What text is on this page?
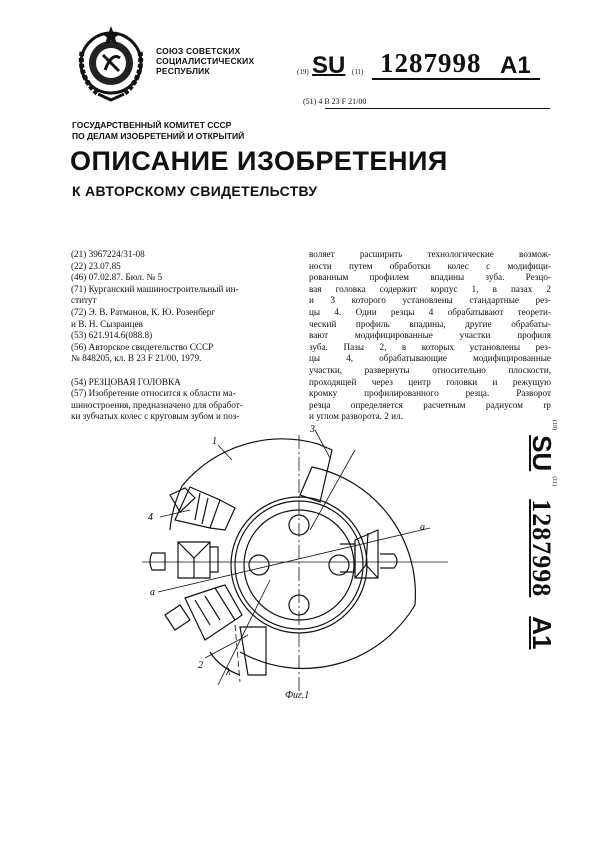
СОЮЗ СОВЕТСКИХ
СОЦИАЛИСТИЧЕСКИХ
РЕСПУБЛИК	(19) SU (11) 1287998 A1
(51) 4 B 23 F 21/00
ГОСУДАРСТВЕННЫЙ КОМИТЕТ СССР
ПО ДЕЛАМ ИЗОБРЕТЕНИЙ И ОТКРЫТИЙ
ОПИСАНИЕ ИЗОБРЕТЕНИЯ
К АВТОРСКОМУ СВИДЕТЕЛЬСТВУ
(21) 3967224/31-08
(22) 23.07.85
(46) 07.02.87. Бюл. № 5
(71) Курганский машиностроительный ин-
ститут
(72) Э. В. Ратманов, К. Ю. Розенберг
и В. Н. Сызранцев
(53) 621.914.6(088.8)
(56) Авторское свидетельство СССР
№ 848205, кл. B 23 F 21/00, 1979.
(54) РЕЗЦОВАЯ ГОЛОВКА
(57) Изобретение относится к области ма-
шиностроения, предназначено для обработ-
ки зубчатых колес с круговым зубом и поз-
воляет расширить технологические возмож-
ности путем обработки колес с модифици-
рованным профилем впадины зуба. Резцо-
вая головка содержит корпус 1, в пазах 2
и 3 которого установлены стандартные рез-
цы 4. Одни резцы 4 обрабатывают теорети-
ческий профиль впадины, другие обрабаты-
вают модифицированные участки профиля
зуба. Пазы 2, в которых установлены рез-
цы 4, обрабатывающие модифицированные
участки, развернуты относительно плоскости,
проходящей через центр головки и режущую
кромку профилированного резца. Разворот
резца определяется расчетным радиусом rр
и углом разворота. 2 ил.
$^{(19)}$ SU $^{(11)}$ 1287998 A1
1
3
4
a
a
2
λ
Фиг.1
